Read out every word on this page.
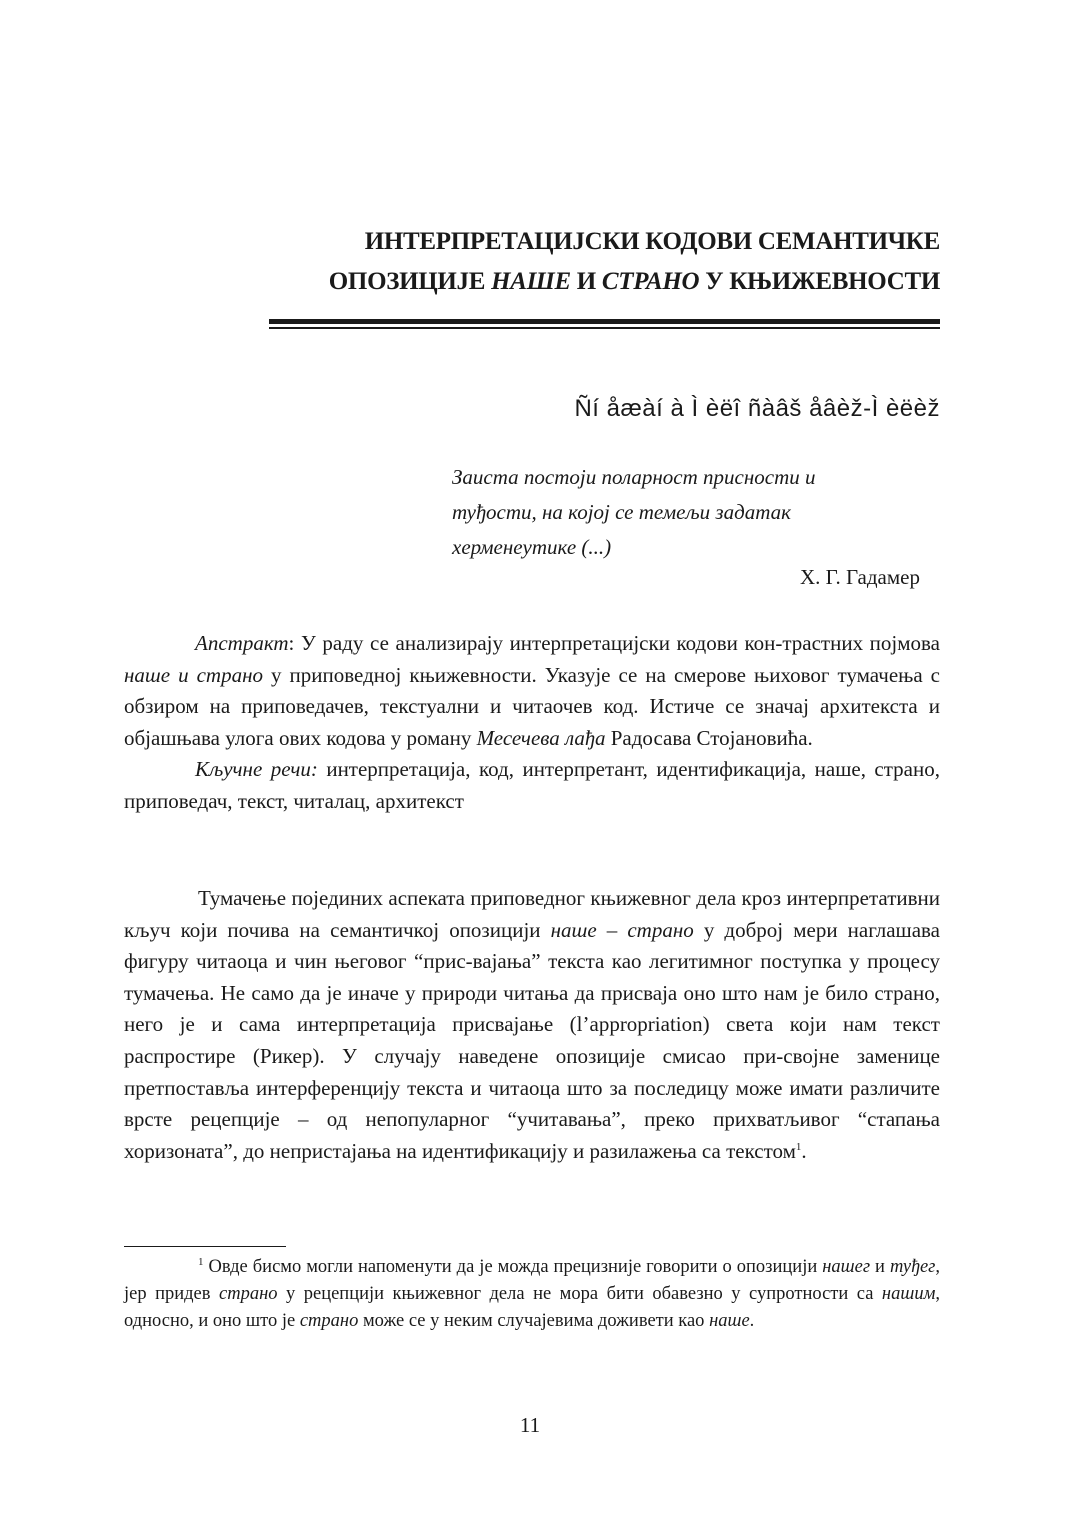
ИНТЕРПРЕТАЦИЈСКИ КОДОВИ СЕМАНТИЧКЕ
ОПОЗИЦИЈЕ НАШЕ И СТРАНО У КЊИЖЕВНОСТИ
Ñí åæàí à Ì èëî ñàâš åâèž-Ì èëèž
Заиста постоји поларност присности и
туђости, на којој се темељи задатак
херменеутике (...)
Х. Г. Гадамер
Апстракт: У раду се анализирају интерпретацијски кодови кон-трастних појмова наше и страно у приповедној књижевности. Указује се на смерове њиховог тумачења с обзиром на приповедачев, текстуални и читаочев код. Истиче се значај архитекста и објашњава улога ових кодова у роману Месечева лађа Радосава Стојановића.
Кључне речи: интерпретација, код, интерпретант, идентификација, наше, страно, приповедач, текст, читалац, архитекст
Тумачење појединих аспеката приповедног књижевног дела кроз интерпретативни кључ који почива на семантичкој опозицији наше – страно у доброј мери наглашава фигуру читаоца и чин његовог “прис-вајања” текста као легитимног поступка у процесу тумачења. Не само да је иначе у природи читања да присваја оно што нам је било страно, него је и сама интерпретација присвајање (l’appropriation) света који нам текст распростире (Рикер). У случају наведене опозиције смисао при-својне заменице претпоставља интерференцију текста и читаоца што за последицу може имати различите врсте рецепције – од непопуларног “учитавања”, преко прихватљивог “стапања хоризоната”, до непристајања на идентификацију и разилажења са текстом$^1$.
$^1$ Овде бисмо могли напоменути да је можда прецизније говорити о опозицији нашег и туђег, јер придев страно у рецепцији књижевног дела не мора бити обавезно у супротности са нашим, односно, и оно што је страно може се у неким случајевима доживети као наше.
11
